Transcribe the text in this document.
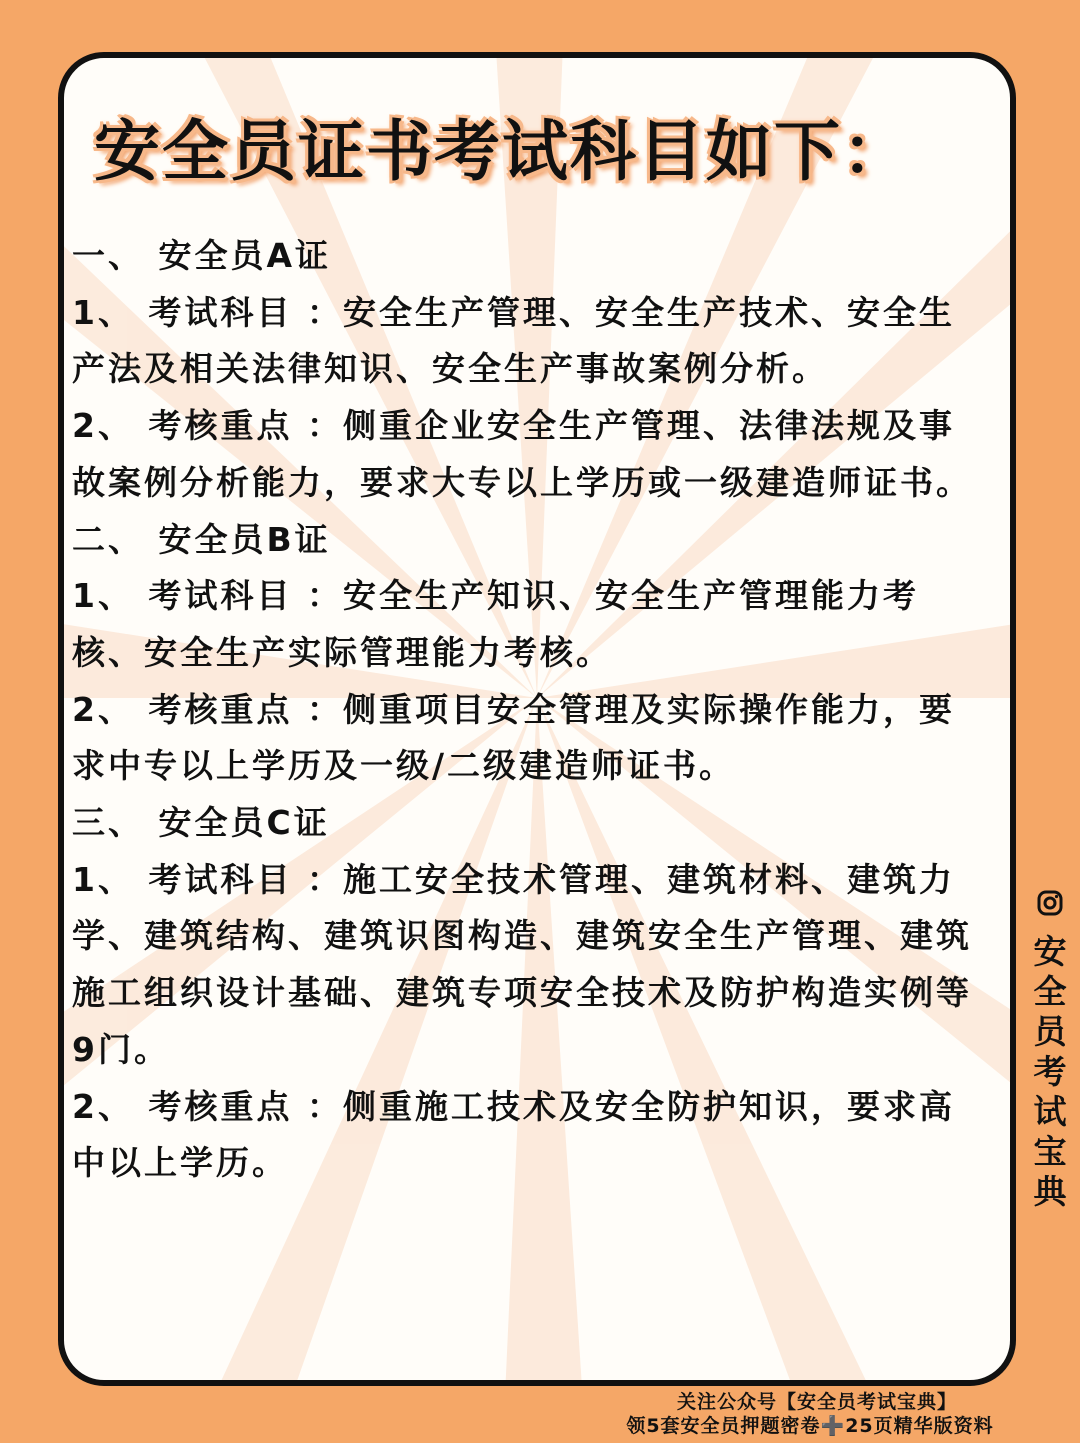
安全员证书考试科目如下：

一、 安全员A证

1、 考试科目 ：安全生产管理、安全生产技术、安全生产法及相关法律知识、安全生产事故案例分析。

2、 考核重点 ：侧重企业安全生产管理、法律法规及事故案例分析能力，要求大专以上学历或一级建造师证书。

二、 安全员B证

1、 考试科目 ：安全生产知识、安全生产管理能力考核、安全生产实际管理能力考核。

2、 考核重点 ：侧重项目安全管理及实际操作能力，要求中专以上学历及一级/二级建造师证书。

三、 安全员C证

1、 考试科目 ：施工安全技术管理、建筑材料、建筑力学、建筑结构、建筑识图构造、建筑安全生产管理、建筑施工组织设计基础、建筑专项安全技术及防护构造实例等9门。

2、 考核重点 ：侧重施工技术及安全防护知识，要求高中以上学历。

安全员考试宝典
关注公众号【安全员考试宝典】
领5套安全员押题密卷➕25页精华版资料
